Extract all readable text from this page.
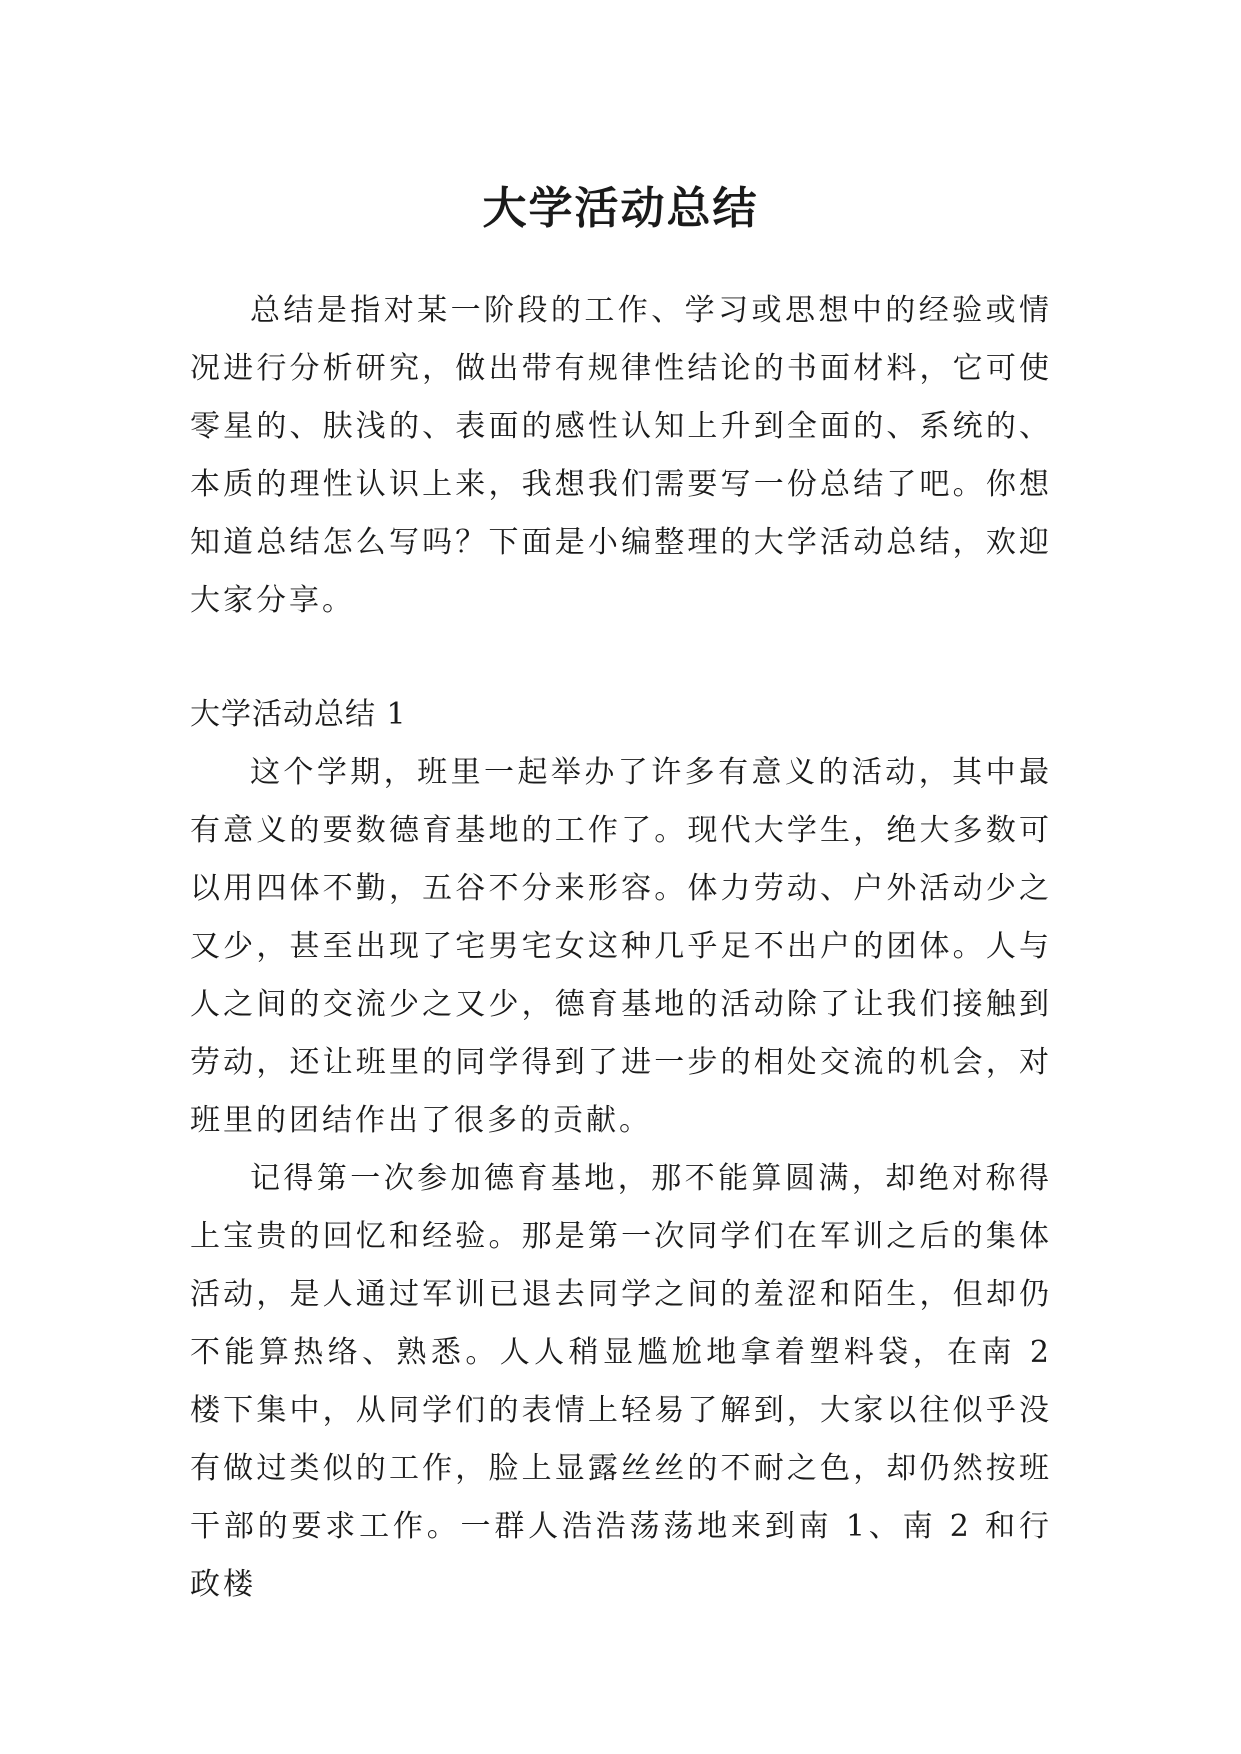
大学活动总结

总结是指对某一阶段的工作、学习或思想中的经验或情况进行分析研究，做出带有规律性结论的书面材料，它可使零星的、肤浅的、表面的感性认知上升到全面的、系统的、本质的理性认识上来，我想我们需要写一份总结了吧。你想知道总结怎么写吗？下面是小编整理的大学活动总结，欢迎大家分享。

大学活动总结 1

这个学期，班里一起举办了许多有意义的活动，其中最有意义的要数德育基地的工作了。现代大学生，绝大多数可以用四体不勤，五谷不分来形容。体力劳动、户外活动少之又少，甚至出现了宅男宅女这种几乎足不出户的团体。人与人之间的交流少之又少，德育基地的活动除了让我们接触到劳动，还让班里的同学得到了进一步的相处交流的机会，对班里的团结作出了很多的贡献。

记得第一次参加德育基地，那不能算圆满，却绝对称得上宝贵的回忆和经验。那是第一次同学们在军训之后的集体活动，是人通过军训已退去同学之间的羞涩和陌生，但却仍不能算热络、熟悉。人人稍显尴尬地拿着塑料袋，在南 2 楼下集中，从同学们的表情上轻易了解到，大家以往似乎没有做过类似的工作，脸上显露丝丝的不耐之色，却仍然按班干部的要求工作。一群人浩浩荡荡地来到南 1、南 2 和行政楼
